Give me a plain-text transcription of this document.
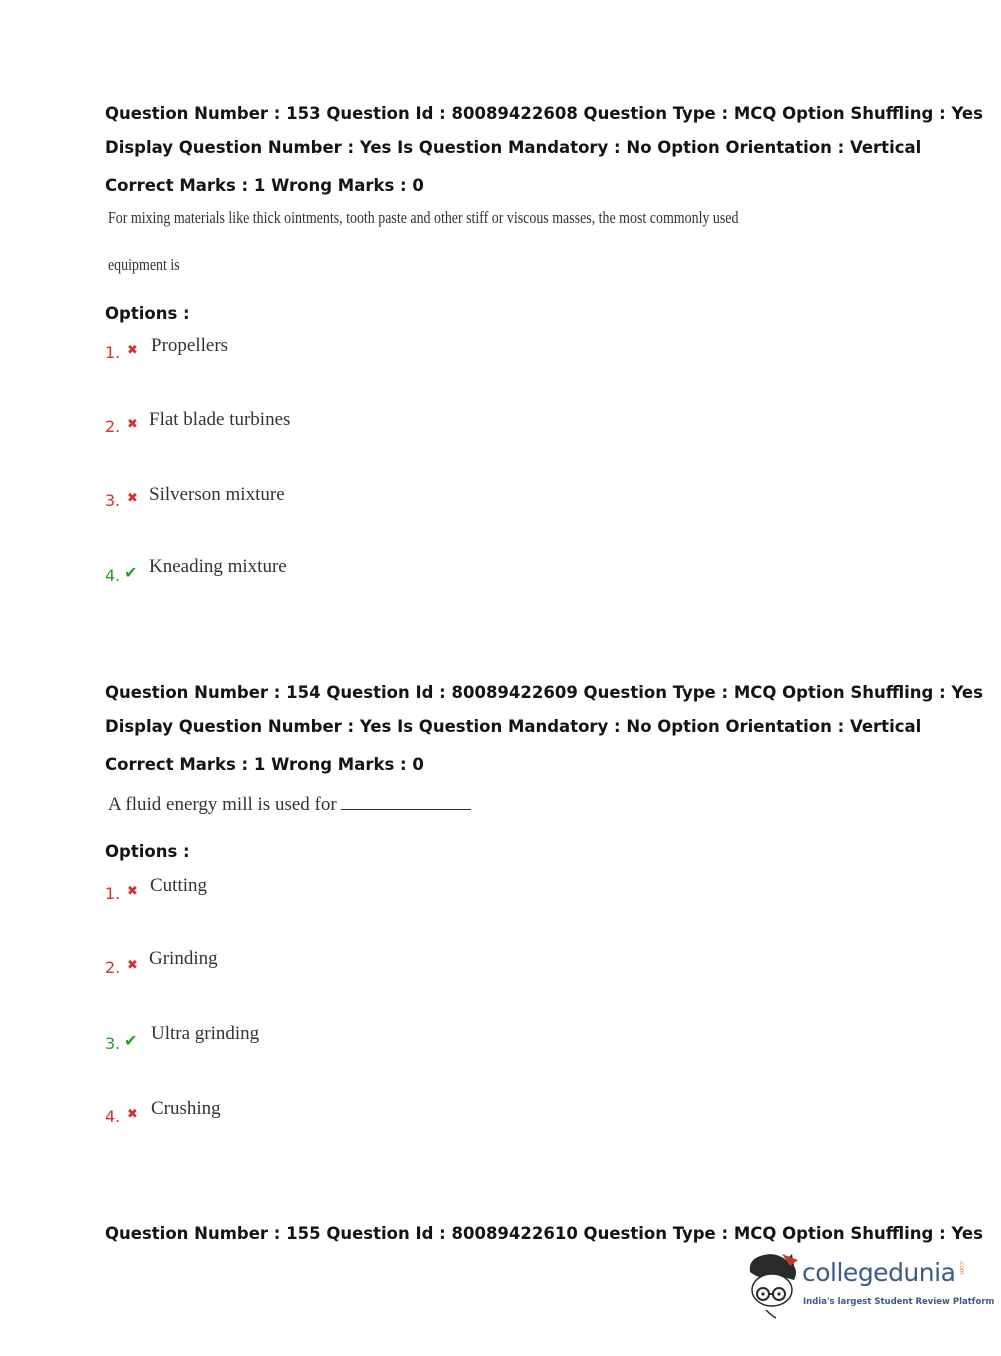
Question Number : 153 Question Id : 80089422608 Question Type : MCQ Option Shuffling : Yes
Display Question Number : Yes Is Question Mandatory : No Option Orientation : Vertical
Correct Marks : 1 Wrong Marks : 0
For mixing materials like thick ointments, tooth paste and other stiff or viscous masses, the most commonly used
equipment is
Options :
1. ✖ Propellers
2. ✖ Flat blade turbines
3. ✖ Silverson mixture
4. ✔ Kneading mixture
Question Number : 154 Question Id : 80089422609 Question Type : MCQ Option Shuffling : Yes
Display Question Number : Yes Is Question Mandatory : No Option Orientation : Vertical
Correct Marks : 1 Wrong Marks : 0
A fluid energy mill is used for
Options :
1. ✖ Cutting
2. ✖ Grinding
3. ✔ Ultra grinding
4. ✖ Crushing
Question Number : 155 Question Id : 80089422610 Question Type : MCQ Option Shuffling : Yes
collegedunia .com
India's largest Student Review Platform
